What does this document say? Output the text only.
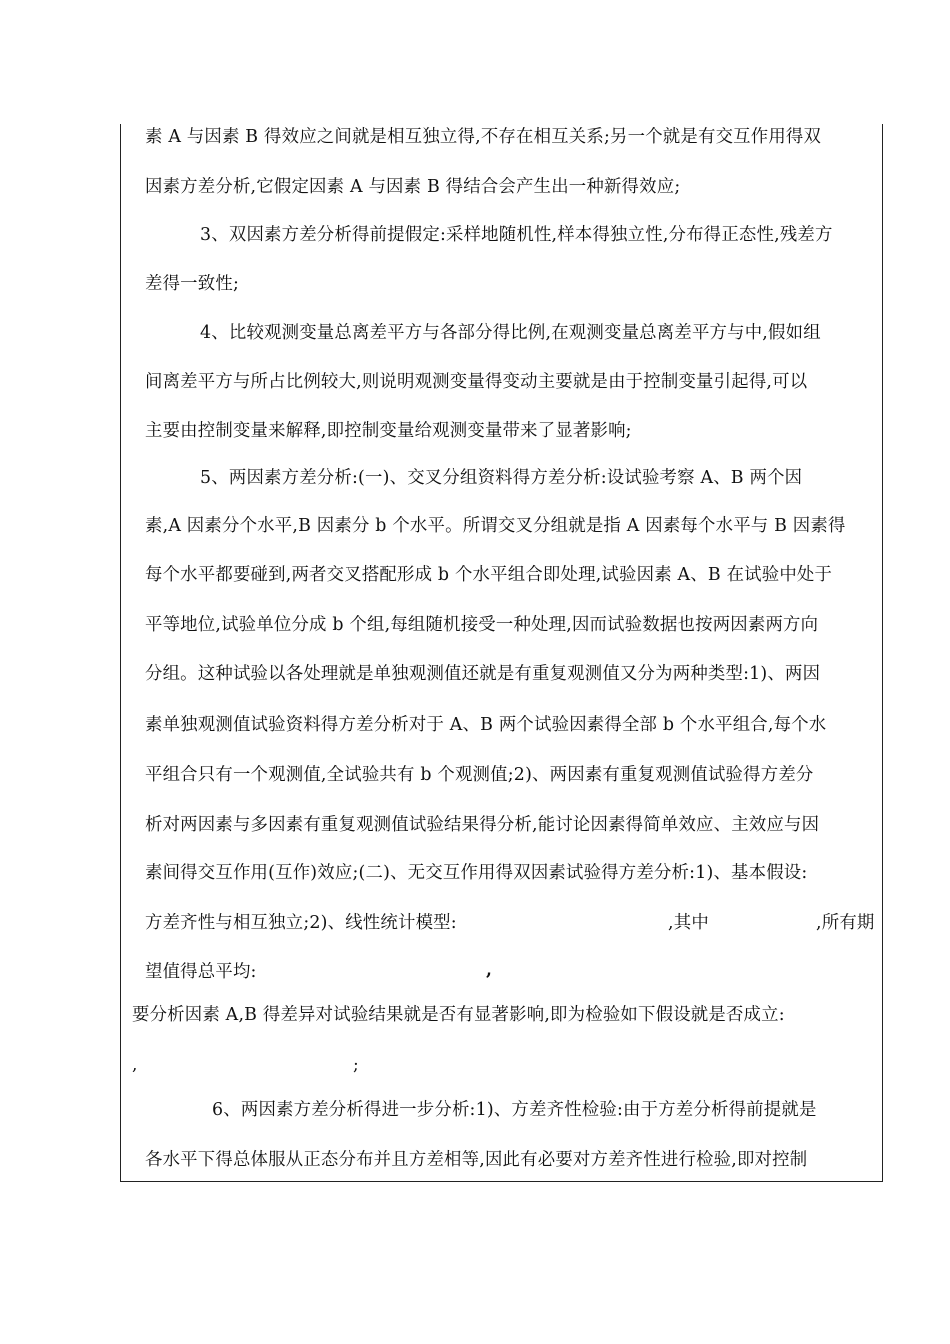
素 A 与因素 B 得效应之间就是相互独立得,不存在相互关系;另一个就是有交互作用得双
因素方差分析,它假定因素 A 与因素 B 得结合会产生出一种新得效应;
3、双因素方差分析得前提假定:采样地随机性,样本得独立性,分布得正态性,残差方
差得一致性;
4、比较观测变量总离差平方与各部分得比例,在观测变量总离差平方与中,假如组
间离差平方与所占比例较大,则说明观测变量得变动主要就是由于控制变量引起得,可以
主要由控制变量来解释,即控制变量给观测变量带来了显著影响;
5、两因素方差分析:(一)、交叉分组资料得方差分析:设试验考察 A、B 两个因
素,A 因素分个水平,B 因素分 b 个水平。所谓交叉分组就是指 A 因素每个水平与 B 因素得
每个水平都要碰到,两者交叉搭配形成 b 个水平组合即处理,试验因素 A、B 在试验中处于
平等地位,试验单位分成 b 个组,每组随机接受一种处理,因而试验数据也按两因素两方向
分组。这种试验以各处理就是单独观测值还就是有重复观测值又分为两种类型:1)、两因
素单独观测值试验资料得方差分析对于 A、B 两个试验因素得全部 b 个水平组合,每个水
平组合只有一个观测值,全试验共有 b 个观测值;2)、两因素有重复观测值试验得方差分
析对两因素与多因素有重复观测值试验结果得分析,能讨论因素得简单效应、主效应与因
素间得交互作用(互作)效应;(二)、无交互作用得双因素试验得方差分析:1)、基本假设:
方差齐性与相互独立;2)、线性统计模型:	,其中	,所有期
望值得总平均:	,
要分析因素 A,B 得差异对试验结果就是否有显著影响,即为检验如下假设就是否成立:
,	;
6、两因素方差分析得进一步分析:1)、方差齐性检验:由于方差分析得前提就是
各水平下得总体服从正态分布并且方差相等,因此有必要对方差齐性进行检验,即对控制
